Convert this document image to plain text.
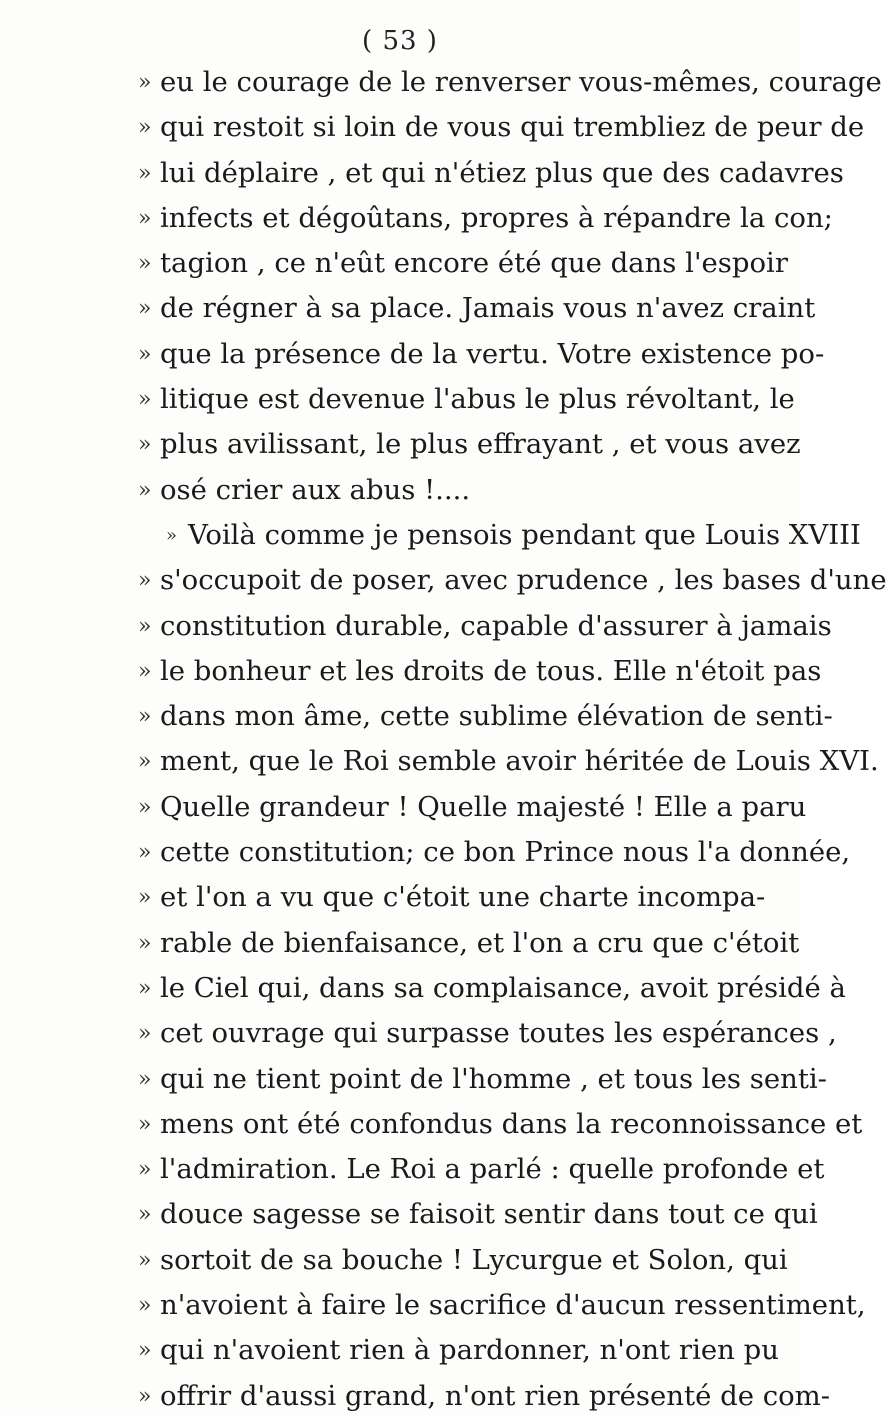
( 53 )
» eu le courage de le renverser vous-mêmes, courage
» qui restoit si loin de vous qui trembliez de peur de
» lui déplaire , et qui n'étiez plus que des cadavres
» infects et dégoûtans, propres à répandre la con;
» tagion , ce n'eût encore été que dans l'espoir
» de régner à sa place. Jamais vous n'avez craint
» que la présence de la vertu. Votre existence po-
» litique est devenue l'abus le plus révoltant, le
» plus avilissant, le plus effrayant , et vous avez
» osé crier aux abus !....
» Voilà comme je pensois pendant que Louis XVIII
» s'occupoit de poser, avec prudence , les bases d'une
» constitution durable, capable d'assurer à jamais
» le bonheur et les droits de tous. Elle n'étoit pas
» dans mon âme, cette sublime élévation de senti-
» ment, que le Roi semble avoir héritée de Louis XVI.
» Quelle grandeur ! Quelle majesté ! Elle a paru
» cette constitution; ce bon Prince nous l'a donnée,
» et l'on a vu que c'étoit une charte incompa-
» rable de bienfaisance, et l'on a cru que c'étoit
» le Ciel qui, dans sa complaisance, avoit présidé à
» cet ouvrage qui surpasse toutes les espérances ,
» qui ne tient point de l'homme , et tous les senti-
» mens ont été confondus dans la reconnoissance et
» l'admiration. Le Roi a parlé : quelle profonde et
» douce sagesse se faisoit sentir dans tout ce qui
» sortoit de sa bouche ! Lycurgue et Solon, qui
» n'avoient à faire le sacrifice d'aucun ressentiment,
» qui n'avoient rien à pardonner, n'ont rien pu
» offrir d'aussi grand, n'ont rien présenté de com-
